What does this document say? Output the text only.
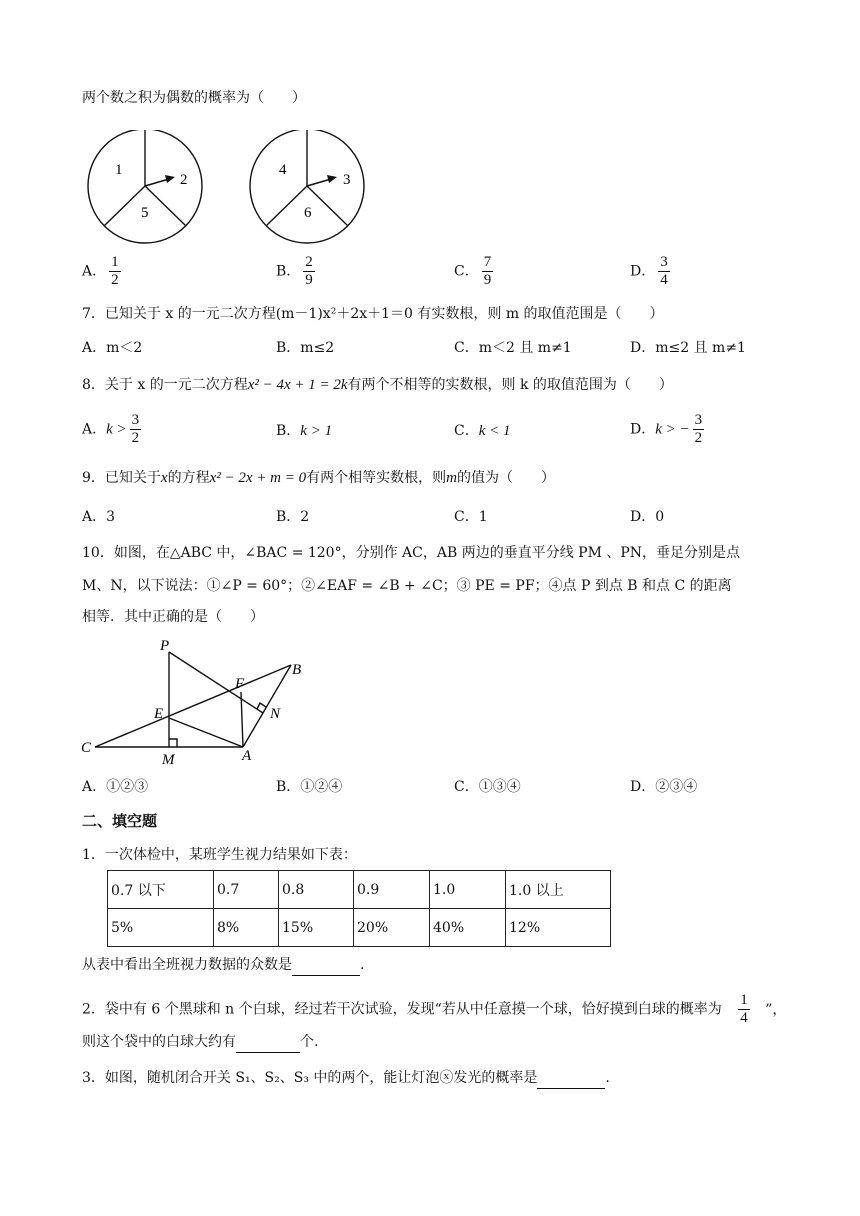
两个数之积为偶数的概率为（　　）
1
2
5
4
3
6
A． $\frac{1}{2}$	B． $\frac{2}{9}$	C． $\frac{7}{9}$	D． $\frac{3}{4}$
7．已知关于 x 的一元二次方程(m－1)x²＋2x＋1＝0 有实数根，则 m 的取值范围是（　　）
A．m＜2	B．m≤2	C．m＜2 且 m≠1	D．m≤2 且 m≠1
8．关于 x 的一元二次方程x² − 4x + 1 = 2k有两个不相等的实数根，则 k 的取值范围为（　　）
A．$k > \frac{3}{2}$	B．k > 1	C．k < 1	D．k > − $\frac{3}{2}$
9．已知关于x的方程x² − 2x + m = 0有两个相等实数根，则m的值为（　　）
A．3	B．2	C．1	D．0
10．如图，在△ABC 中，∠BAC = 120°，分别作 AC，AB 两边的垂直平分线 PM 、PN，垂足分别是点
M、N，以下说法：①∠P = 60°；②∠EAF = ∠B + ∠C；③ PE = PF；④点 P 到点 B 和点 C 的距离
相等．其中正确的是（　　）
P
B
F
E	N
C
M	A
A．①②③	B．①②④	C．①③④	D．②③④
二、填空题
1．一次体检中，某班学生视力结果如下表：
0.7 以下	0.7	0.8	0.9	1.0	1.0 以上
5%	8%	15%	20%	40%	12%
从表中看出全班视力数据的众数是	.
2．袋中有 6 个黑球和 n 个白球，经过若干次试验，发现“若从中任意摸一个球，恰好摸到白球的概率为 $\frac{1}{4}$ ”，
则这个袋中的白球大约有	个.
3．如图，随机闭合开关 S₁、S₂、S₃ 中的两个，能让灯泡ⓧ发光的概率是	.
